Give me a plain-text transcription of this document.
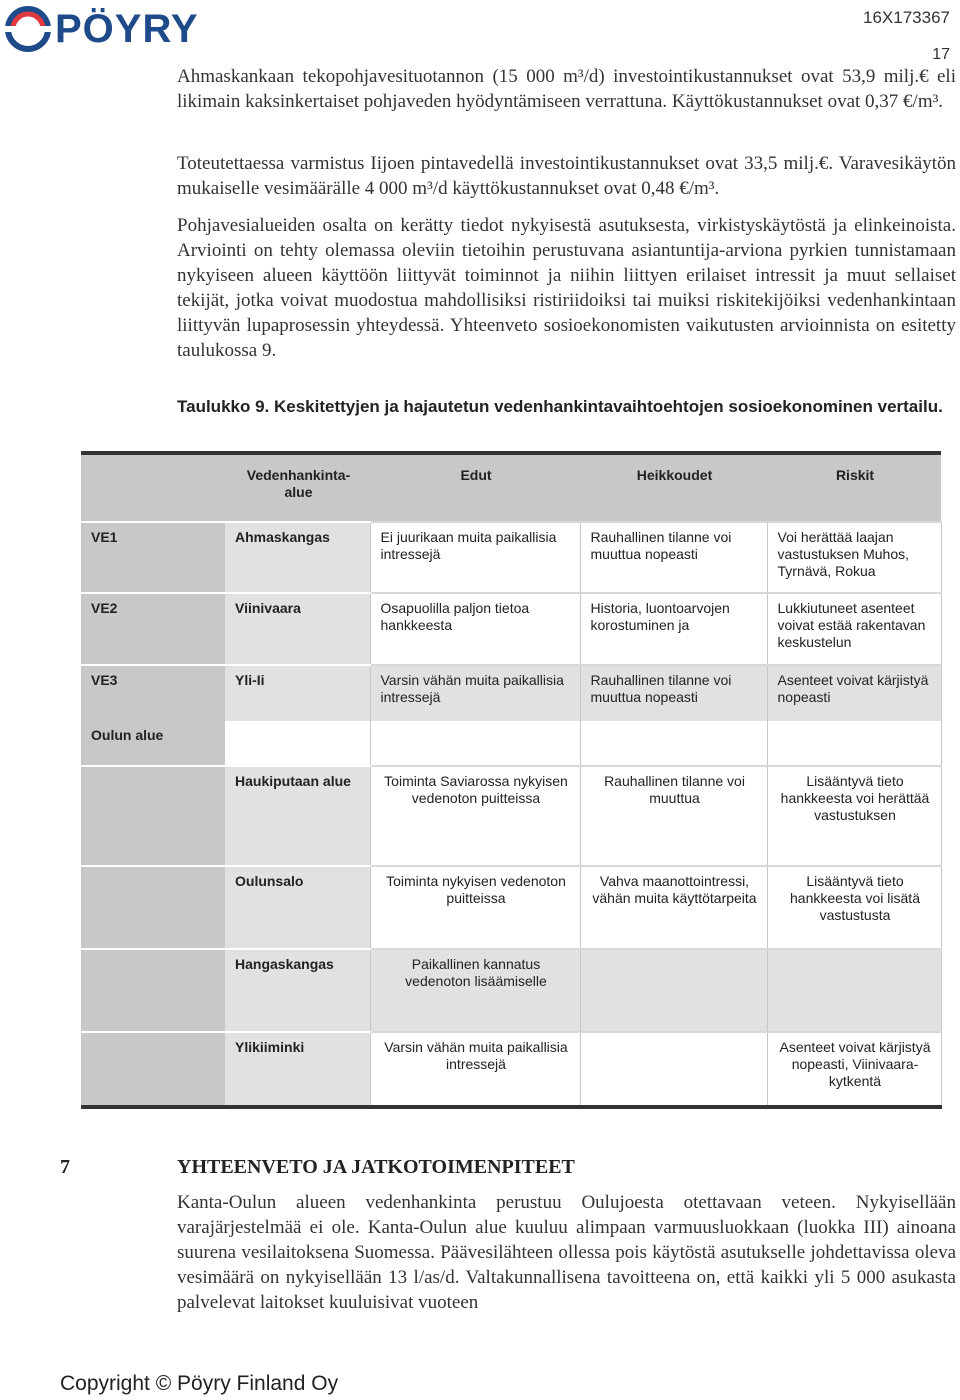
PÖYRY	16X173367
17
Ahmaskankaan tekopohjavesituotannon (15 000 m³/d) investointikustannukset ovat 53,9 milj.€ eli likimain kaksinkertaiset pohjaveden hyödyntämiseen verrattuna. Käyttökustannukset ovat 0,37 €/m³.
Toteutettaessa varmistus Iijoen pintavedellä investointikustannukset ovat 33,5 milj.€. Varavesikäytön mukaiselle vesimäärälle 4 000 m³/d käyttökustannukset ovat 0,48 €/m³.
Pohjavesialueiden osalta on kerätty tiedot nykyisestä asutuksesta, virkistyskäytöstä ja elinkeinoista. Arviointi on tehty olemassa oleviin tietoihin perustuvana asiantuntija-arviona pyrkien tunnistamaan nykyiseen alueen käyttöön liittyvät toiminnot ja niihin liittyen erilaiset intressit ja muut sellaiset tekijät, jotka voivat muodostua mahdollisiksi ristiriidoiksi tai muiksi riskitekijöiksi vedenhankintaan liittyvän lupaprosessin yhteydessä. Yhteenveto sosioekonomisten vaikutusten arvioinnista on esitetty taulukossa 9.
Taulukko 9. Keskitettyjen ja hajautetun vedenhankintavaihtoehtojen sosioekonominen vertailu.
	Vedenhankinta-alue	Edut	Heikkoudet	Riskit
VE1	Ahmaskangas	Ei juurikaan muita paikallisia intressejä	Rauhallinen tilanne voi muuttua nopeasti	Voi herättää laajan vastustuksen Muhos, Tyrnävä, Rokua
VE2	Viinivaara	Osapuolilla paljon tietoa hankkeesta	Historia, luontoarvojen korostuminen ja	Lukkiutuneet asenteet voivat estää rakentavan keskustelun
VE3	Yli-Ii	Varsin vähän muita paikallisia intressejä	Rauhallinen tilanne voi muuttua nopeasti	Asenteet voivat kärjistyä nopeasti
Oulun alue				
	Haukiputaan alue	Toiminta Saviarossa nykyisen vedenoton puitteissa	Rauhallinen tilanne voi muuttua	Lisääntyvä tieto hankkeesta voi herättää vastustuksen
	Oulunsalo	Toiminta nykyisen vedenoton puitteissa	Vahva maanottointressi, vähän muita käyttötarpeita	Lisääntyvä tieto hankkeesta voi lisätä vastustusta
	Hangaskangas	Paikallinen kannatus vedenoton lisäämiselle		
	Ylikiiminki	Varsin vähän muita paikallisia intressejä		Asenteet voivat kärjistyä nopeasti, Viinivaara-kytkentä
7	YHTEENVETO JA JATKOTOIMENPITEET
Kanta-Oulun alueen vedenhankinta perustuu Oulujoesta otettavaan veteen. Nykyisellään varajärjestelmää ei ole. Kanta-Oulun alue kuuluu alimpaan varmuusluokkaan (luokka III) ainoana suurena vesilaitoksena Suomessa. Päävesilähteen ollessa pois käytöstä asutukselle johdettavissa oleva vesimäärä on nykyisellään 13 l/as/d. Valtakunnallisena tavoitteena on, että kaikki yli 5 000 asukasta palvelevat laitokset kuuluisivat vuoteen
Copyright © Pöyry Finland Oy
